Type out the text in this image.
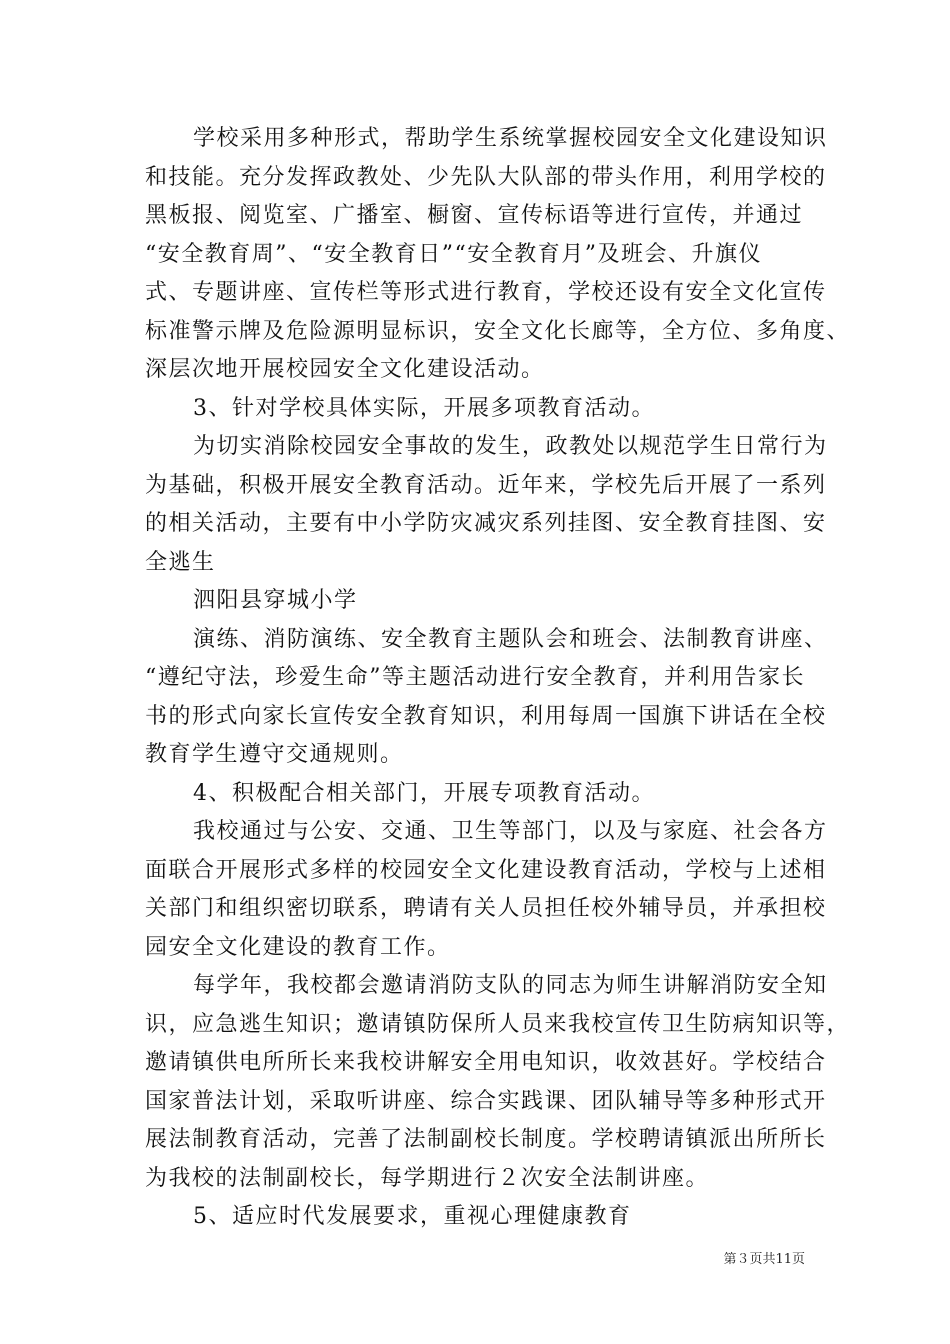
学校采用多种形式，帮助学生系统掌握校园安全文化建设知识
和技能。充分发挥政教处、少先队大队部的带头作用，利用学校的
黑板报、阅览室、广播室、橱窗、宣传标语等进行宣传，并通过
“安全教育周”、“安全教育日”“安全教育月”及班会、升旗仪
式、专题讲座、宣传栏等形式进行教育，学校还设有安全文化宣传
标准警示牌及危险源明显标识，安全文化长廊等，全方位、多角度、
深层次地开展校园安全文化建设活动。
3、针对学校具体实际，开展多项教育活动。
为切实消除校园安全事故的发生，政教处以规范学生日常行为
为基础，积极开展安全教育活动。近年来，学校先后开展了一系列
的相关活动，主要有中小学防灾减灾系列挂图、安全教育挂图、安
全逃生
泗阳县穿城小学
演练、消防演练、安全教育主题队会和班会、法制教育讲座、
“遵纪守法，珍爱生命”等主题活动进行安全教育，并利用告家长
书的形式向家长宣传安全教育知识，利用每周一国旗下讲话在全校
教育学生遵守交通规则。
4、积极配合相关部门，开展专项教育活动。
我校通过与公安、交通、卫生等部门，以及与家庭、社会各方
面联合开展形式多样的校园安全文化建设教育活动，学校与上述相
关部门和组织密切联系，聘请有关人员担任校外辅导员，并承担校
园安全文化建设的教育工作。
每学年，我校都会邀请消防支队的同志为师生讲解消防安全知
识，应急逃生知识；邀请镇防保所人员来我校宣传卫生防病知识等，
邀请镇供电所所长来我校讲解安全用电知识，收效甚好。学校结合
国家普法计划，采取听讲座、综合实践课、团队辅导等多种形式开
展法制教育活动，完善了法制副校长制度。学校聘请镇派出所所长
为我校的法制副校长，每学期进行２次安全法制讲座。
5、适应时代发展要求，重视心理健康教育
第３页共11页
